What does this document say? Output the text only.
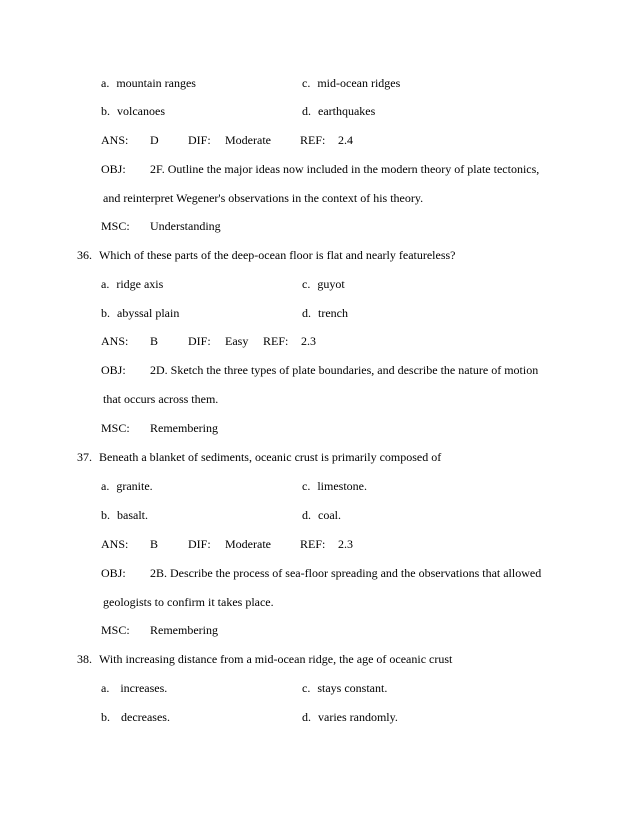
a. mountain ranges	c. mid-ocean ridges
b. volcanoes	d. earthquakes
ANS: D DIF: Moderate REF: 2.4
OBJ: 2F. Outline the major ideas now included in the modern theory of plate tectonics,
and reinterpret Wegener's observations in the context of his theory.
MSC: Understanding
36. Which of these parts of the deep-ocean floor is flat and nearly featureless?
a. ridge axis	c. guyot
b. abyssal plain	d. trench
ANS: B DIF: Easy REF: 2.3
OBJ: 2D. Sketch the three types of plate boundaries, and describe the nature of motion
that occurs across them.
MSC: Remembering
37. Beneath a blanket of sediments, oceanic crust is primarily composed of
a. granite.	c. limestone.
b. basalt.	d. coal.
ANS: B DIF: Moderate REF: 2.3
OBJ: 2B. Describe the process of sea-floor spreading and the observations that allowed
geologists to confirm it takes place.
MSC: Remembering
38. With increasing distance from a mid-ocean ridge, the age of oceanic crust
a. increases.	c. stays constant.
b. decreases.	d. varies randomly.
